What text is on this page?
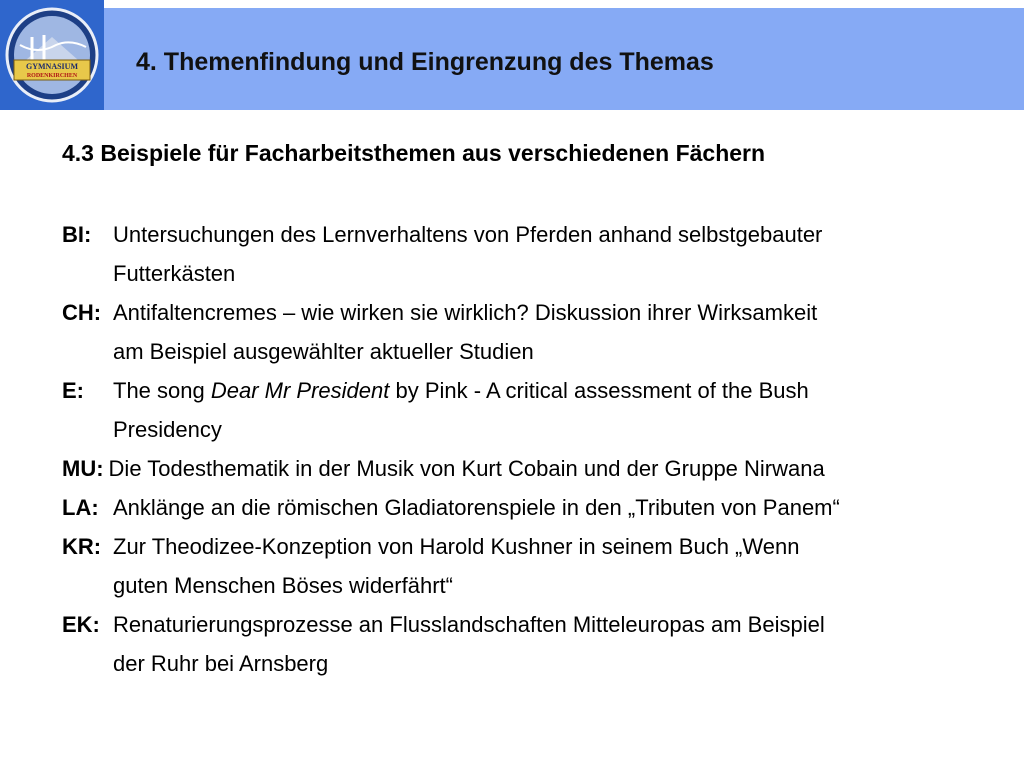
GYMNASIUM
RODENKIRCHEN 4. Themenfindung und Eingrenzung des Themas
4.3 Beispiele für Facharbeitsthemen aus verschiedenen Fächern
BI: Untersuchungen des Lernverhaltens von Pferden anhand selbstgebauter
Futterkästen
CH: Antifaltencremes – wie wirken sie wirklich? Diskussion ihrer Wirksamkeit
am Beispiel ausgewählter aktueller Studien
E:	The song Dear Mr President by Pink - A critical assessment of the Bush
Presidency
MU: Die Todesthematik in der Musik von Kurt Cobain und der Gruppe Nirwana
LA: Anklänge an die römischen Gladiatorenspiele in den „Tributen von Panem“
KR: Zur Theodizee-Konzeption von Harold Kushner in seinem Buch „Wenn
guten Menschen Böses widerfährt“
EK: Renaturierungsprozesse an Flusslandschaften Mitteleuropas am Beispiel
der Ruhr bei Arnsberg
